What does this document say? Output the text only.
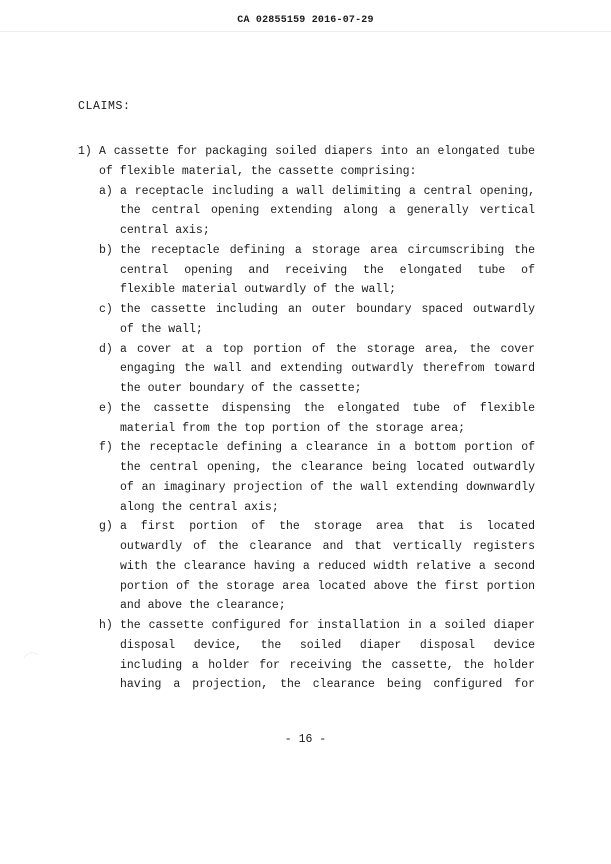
CA 02855159 2016-07-29
CLAIMS:
1) A cassette for packaging soiled diapers into an elongated tube
of flexible material, the cassette comprising:
a) a receptacle including a wall delimiting a central opening,
the central opening extending along a generally vertical
central axis;
b) the receptacle defining a storage area circumscribing the
central opening and receiving the elongated tube of
flexible material outwardly of the wall;
c) the cassette including an outer boundary spaced outwardly
of the wall;
d) a cover at a top portion of the storage area, the cover
engaging the wall and extending outwardly therefrom toward
the outer boundary of the cassette;
e) the cassette dispensing the elongated tube of flexible
material from the top portion of the storage area;
f) the receptacle defining a clearance in a bottom portion of
the central opening, the clearance being located outwardly
of an imaginary projection of the wall extending downwardly
along the central axis;
g) a first portion of the storage area that is located
outwardly of the clearance and that vertically registers
with the clearance having a reduced width relative a second
portion of the storage area located above the first portion
and above the clearance;
h) the cassette configured for installation in a soiled diaper
disposal device, the soiled diaper disposal device
including a holder for receiving the cassette, the holder
having a projection, the clearance being configured for
- 16 -
